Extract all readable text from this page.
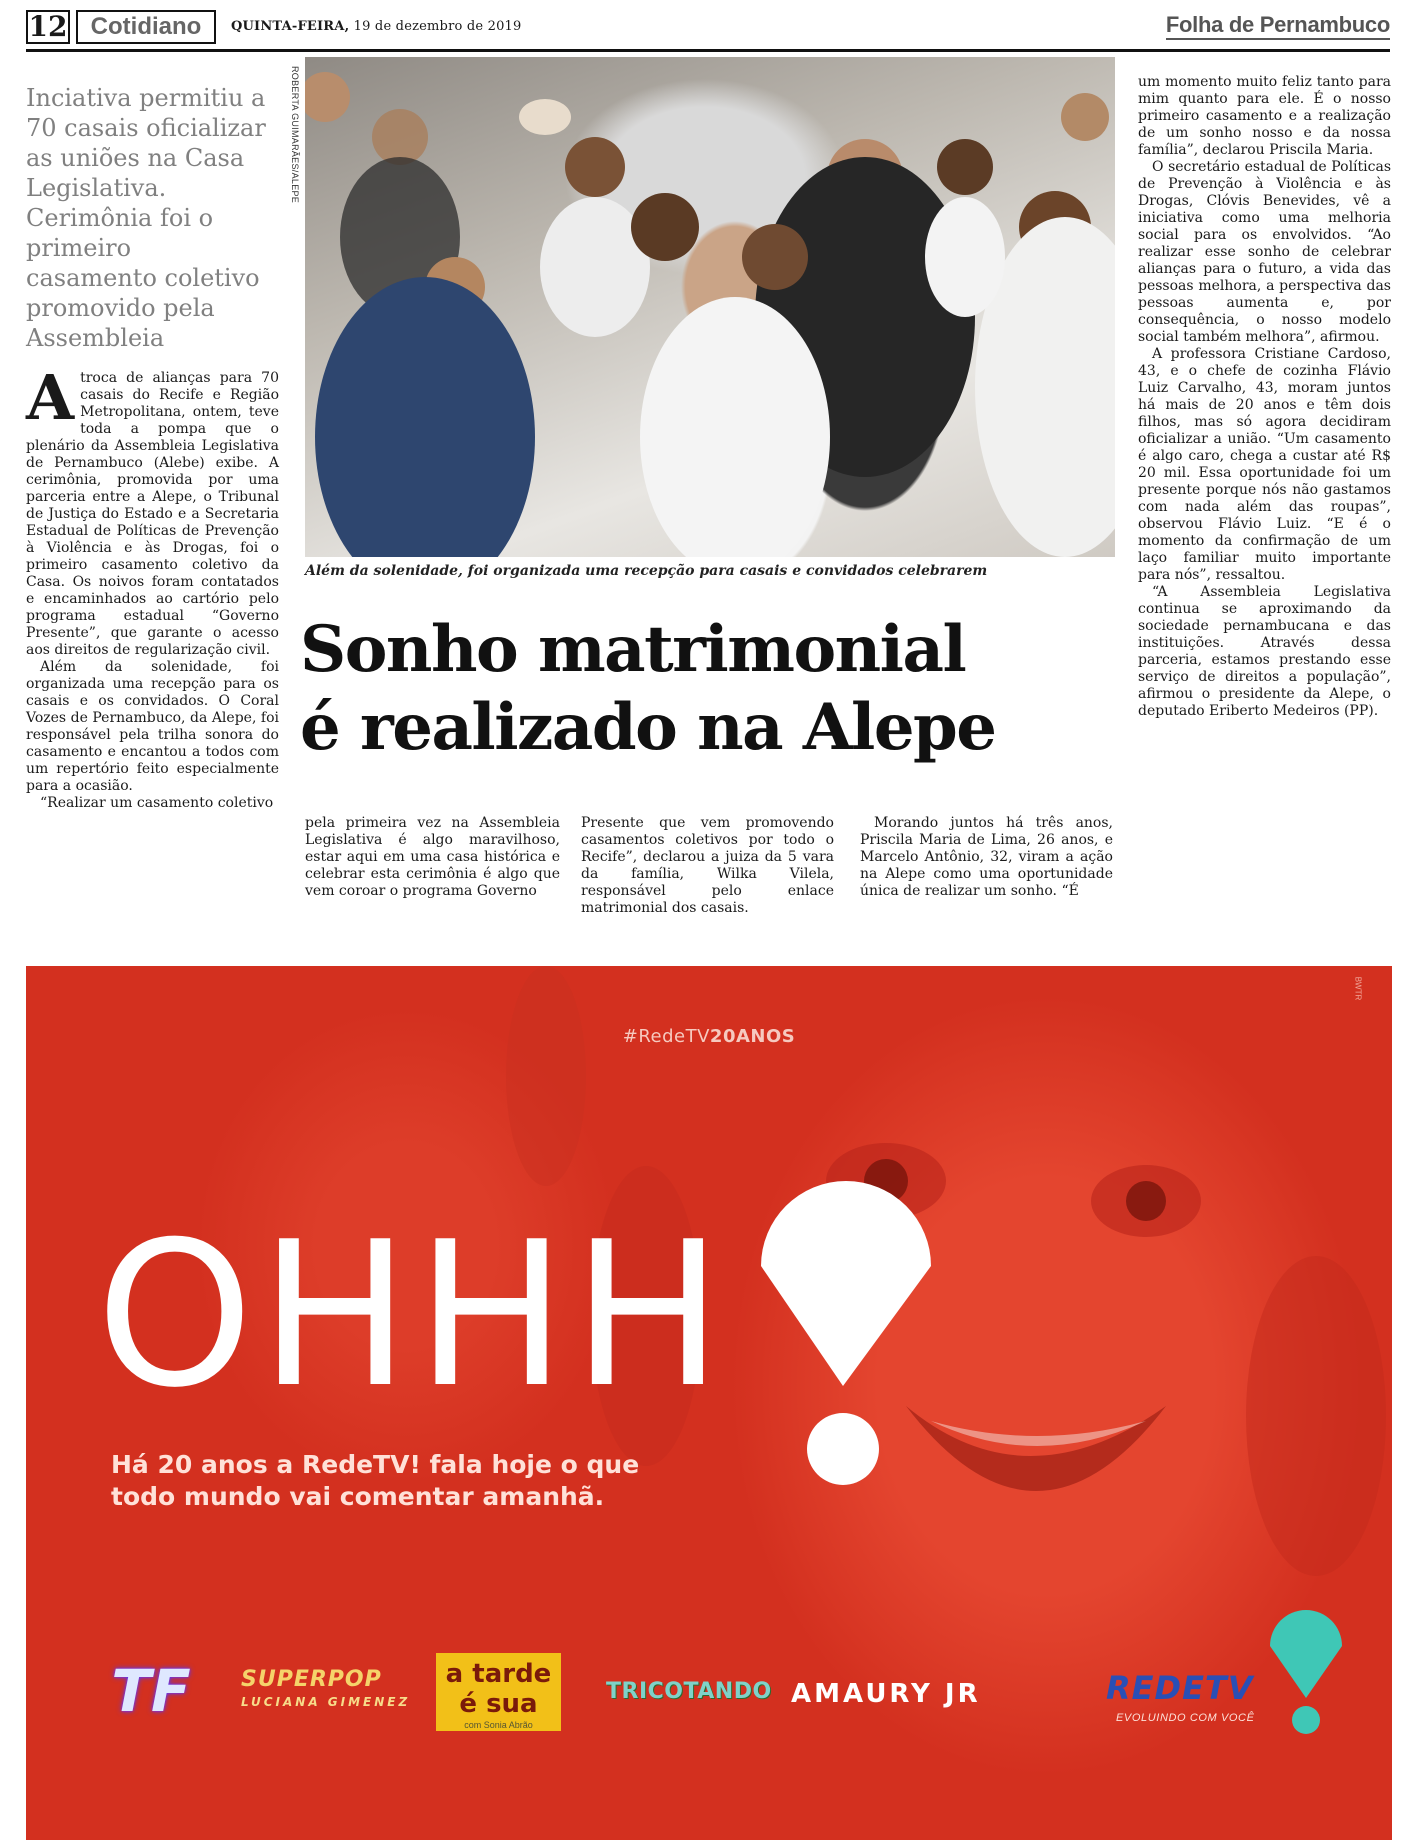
12 Cotidiano	QUINTA-FEIRA, 19 de dezembro de 2019	Folha de Pernambuco
Inciativa permitiu a 70 casais oficializar as uniões na Casa Legislativa. Cerimônia foi o primeiro casamento coletivo promovido pela Assembleia
ROBERTA GUIMARÃES/ALEPE
Além da solenidade, foi organizada uma recepção para casais e convidados celebrarem
Sonho matrimonial
é realizado na Alepe

Atroca de alianças para 70 casais do Recife e Região Metropolitana, ontem, teve toda a pompa que o plenário da Assembleia Legislativa de Pernambuco (Alebe) exibe. A cerimônia, promovida por uma parceria entre a Alepe, o Tribunal de Justiça do Estado e a Secretaria Estadual de Políticas de Prevenção à Violência e às Drogas, foi o primeiro casamento coletivo da Casa. Os noivos foram contatados e encaminhados ao cartório pelo programa estadual “Governo Presente”, que garante o acesso aos direitos de regularização civil.

Além da solenidade, foi organizada uma recepção para os casais e os convidados. O Coral Vozes de Pernambuco, da Alepe, foi responsável pela trilha sonora do casamento e encantou a todos com um repertório feito especialmente para a ocasião.

“Realizar um casamento coletivo

pela primeira vez na Assembleia Legislativa é algo maravilhoso, estar aqui em uma casa histórica e celebrar esta cerimônia é algo que vem coroar o programa Governo

Presente que vem promovendo casamentos coletivos por todo o Recife”, declarou a juiza da 5 vara da família, Wilka Vilela, responsável pelo enlace matrimonial dos casais.

Morando juntos há três anos, Priscila Maria de Lima, 26 anos, e Marcelo Antônio, 32, viram a ação na Alepe como uma oportunidade única de realizar um sonho. “É

um momento muito feliz tanto para mim quanto para ele. É o nosso primeiro casamento e a realização de um sonho nosso e da nossa família”, declarou Priscila Maria.

O secretário estadual de Políticas de Prevenção à Violência e às Drogas, Clóvis Benevides, vê a iniciativa como uma melhoria social para os envolvidos. “Ao realizar esse sonho de celebrar alianças para o futuro, a vida das pessoas melhora, a perspectiva das pessoas aumenta e, por consequência, o nosso modelo social também melhora”, afirmou.

A professora Cristiane Cardoso, 43, e o chefe de cozinha Flávio Luiz Carvalho, 43, moram juntos há mais de 20 anos e têm dois filhos, mas só agora decidiram oficializar a união. “Um casamento é algo caro, chega a custar até R$ 20 mil. Essa oportunidade foi um presente porque nós não gastamos com nada além das roupas”, observou Flávio Luiz. “E é o momento da confirmação de um laço familiar muito importante para nós”, ressaltou.

“A Assembleia Legislativa continua se aproximando da sociedade pernambucana e das instituições. Através dessa parceria, estamos prestando esse serviço de direitos a população”, afirmou o presidente da Alepe, o deputado Eriberto Medeiros (PP).

#RedeTV20ANOS
BWTR
OHHH
Há 20 anos a RedeTV! fala hoje o que
todo mundo vai comentar amanhã.
TF	SUPERPOP
LUCIANA GIMENEZ
a tarde
é sua
com Sonia Abrão
TRICOTANDO AMAURY JR	REDETV
EVOLUINDO COM VOCÊ
